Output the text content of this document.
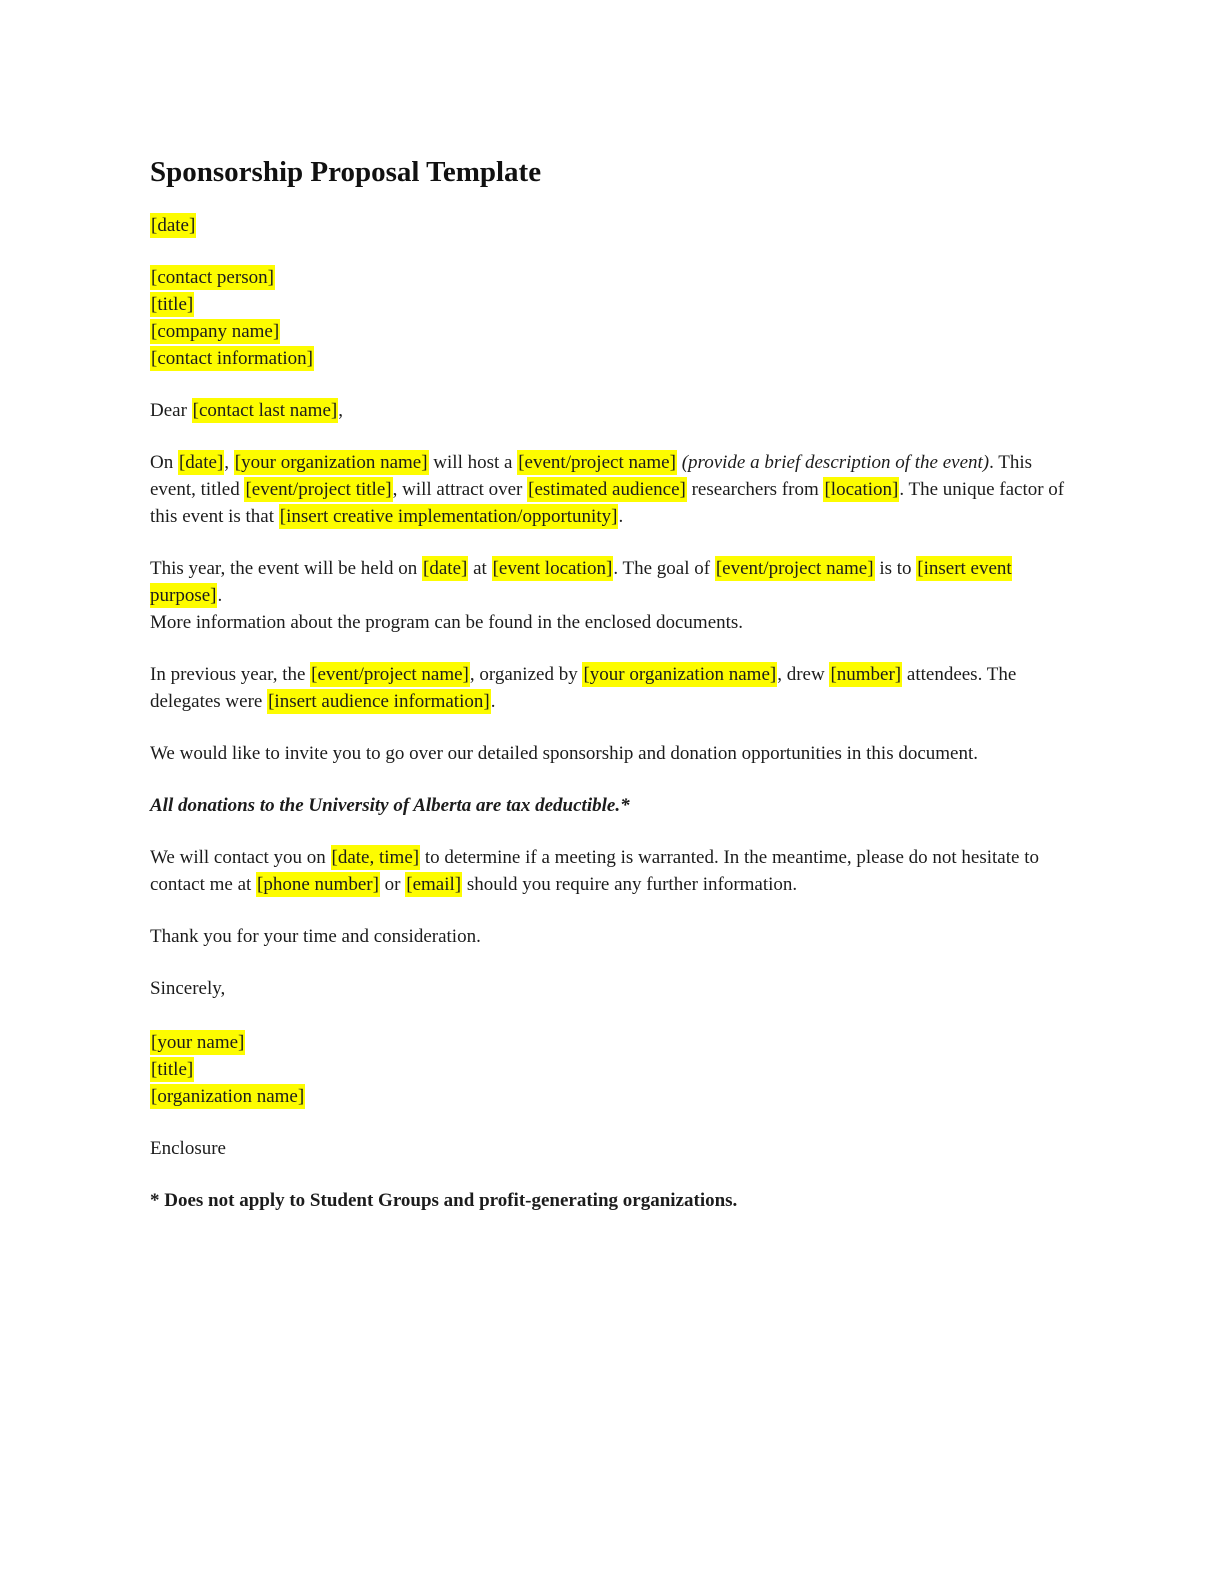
Sponsorship Proposal Template

[date]

[contact person]
[title]
[company name]
[contact information]

Dear [contact last name],

On [date], [your organization name] will host a [event/project name] (provide a brief description of the event). This event, titled [event/project title], will attract over [estimated audience] researchers from [location]. The unique factor of this event is that [insert creative implementation/opportunity].

This year, the event will be held on [date] at [event location]. The goal of [event/project name] is to [insert event purpose].
More information about the program can be found in the enclosed documents.

In previous year, the [event/project name], organized by [your organization name], drew [number] attendees. The delegates were [insert audience information].

We would like to invite you to go over our detailed sponsorship and donation opportunities in this document.

All donations to the University of Alberta are tax deductible.*

We will contact you on [date, time] to determine if a meeting is warranted. In the meantime, please do not hesitate to contact me at [phone number] or [email] should you require any further information.

Thank you for your time and consideration.

Sincerely,

[your name]
[title]
[organization name]

Enclosure

* Does not apply to Student Groups and profit-generating organizations.
